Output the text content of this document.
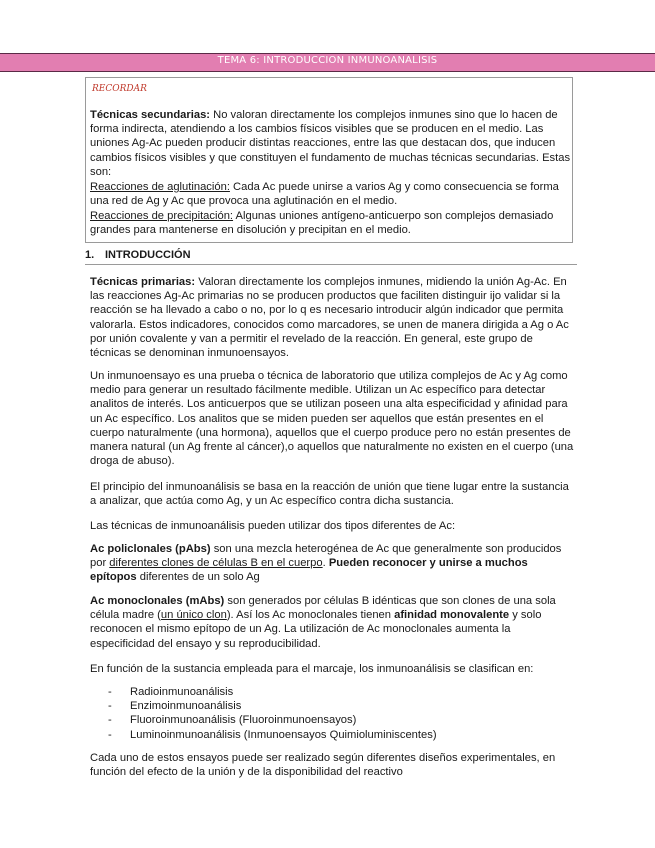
TEMA 6: INTRODUCCION INMUNOANALISIS
RECORDAR

Técnicas secundarias: No valoran directamente los complejos inmunes sino que lo hacen de forma indirecta, atendiendo a los cambios físicos visibles que se producen en el medio. Las uniones Ag-Ac pueden producir distintas reacciones, entre las que destacan dos, que inducen cambios físicos visibles y que constituyen el fundamento de muchas técnicas secundarias. Estas son:

Reacciones de aglutinación: Cada Ac puede unirse a varios Ag y como consecuencia se forma una red de Ag y Ac que provoca una aglutinación en el medio.

Reacciones de precipitación: Algunas uniones antígeno-anticuerpo son complejos demasiado grandes para mantenerse en disolución y precipitan en el medio.

1. INTRODUCCIÓN

Técnicas primarias: Valoran directamente los complejos inmunes, midiendo la unión Ag-Ac. En las reacciones Ag-Ac primarias no se producen productos que faciliten distinguir ijo validar si la reacción se ha llevado a cabo o no, por lo q es necesario introducir algún indicador que permita valorarla. Estos indicadores, conocidos como marcadores, se unen de manera dirigida a Ag o Ac por unión covalente y van a permitir el revelado de la reacción. En general, este grupo de técnicas se denominan inmunoensayos.

Un inmunoensayo es una prueba o técnica de laboratorio que utiliza complejos de Ac y Ag como medio para generar un resultado fácilmente medible. Utilizan un Ac específico para detectar analitos de interés. Los anticuerpos que se utilizan poseen una alta especificidad y afinidad para un Ac específico. Los analitos que se miden pueden ser aquellos que están presentes en el cuerpo naturalmente (una hormona), aquellos que el cuerpo produce pero no están presentes de manera natural (un Ag frente al cáncer),o aquellos que naturalmente no existen en el cuerpo (una droga de abuso).

El principio del inmunoanálisis se basa en la reacción de unión que tiene lugar entre la sustancia a analizar, que actúa como Ag, y un Ac específico contra dicha sustancia.

Las técnicas de inmunoanálisis pueden utilizar dos tipos diferentes de Ac:

Ac policlonales (pAbs) son una mezcla heterogénea de Ac que generalmente son producidos por diferentes clones de células B en el cuerpo. Pueden reconocer y unirse a muchos epítopos diferentes de un solo Ag

Ac monoclonales (mAbs) son generados por células B idénticas que son clones de una sola célula madre (un único clon). Así los Ac monoclonales tienen afinidad monovalente y solo reconocen el mismo epítopo de un Ag. La utilización de Ac monoclonales aumenta la especificidad del ensayo y su reproducibilidad.

En función de la sustancia empleada para el marcaje, los inmunoanálisis se clasifican en:

- Radioinmunoanálisis
- Enzimoinmunoanálisis
- Fluoroinmunoanálisis (Fluoroinmunoensayos)
- Luminoinmunoanálisis (Inmunoensayos Quimioluminiscentes)

Cada uno de estos ensayos puede ser realizado según diferentes diseños experimentales, en función del efecto de la unión y de la disponibilidad del reactivo
